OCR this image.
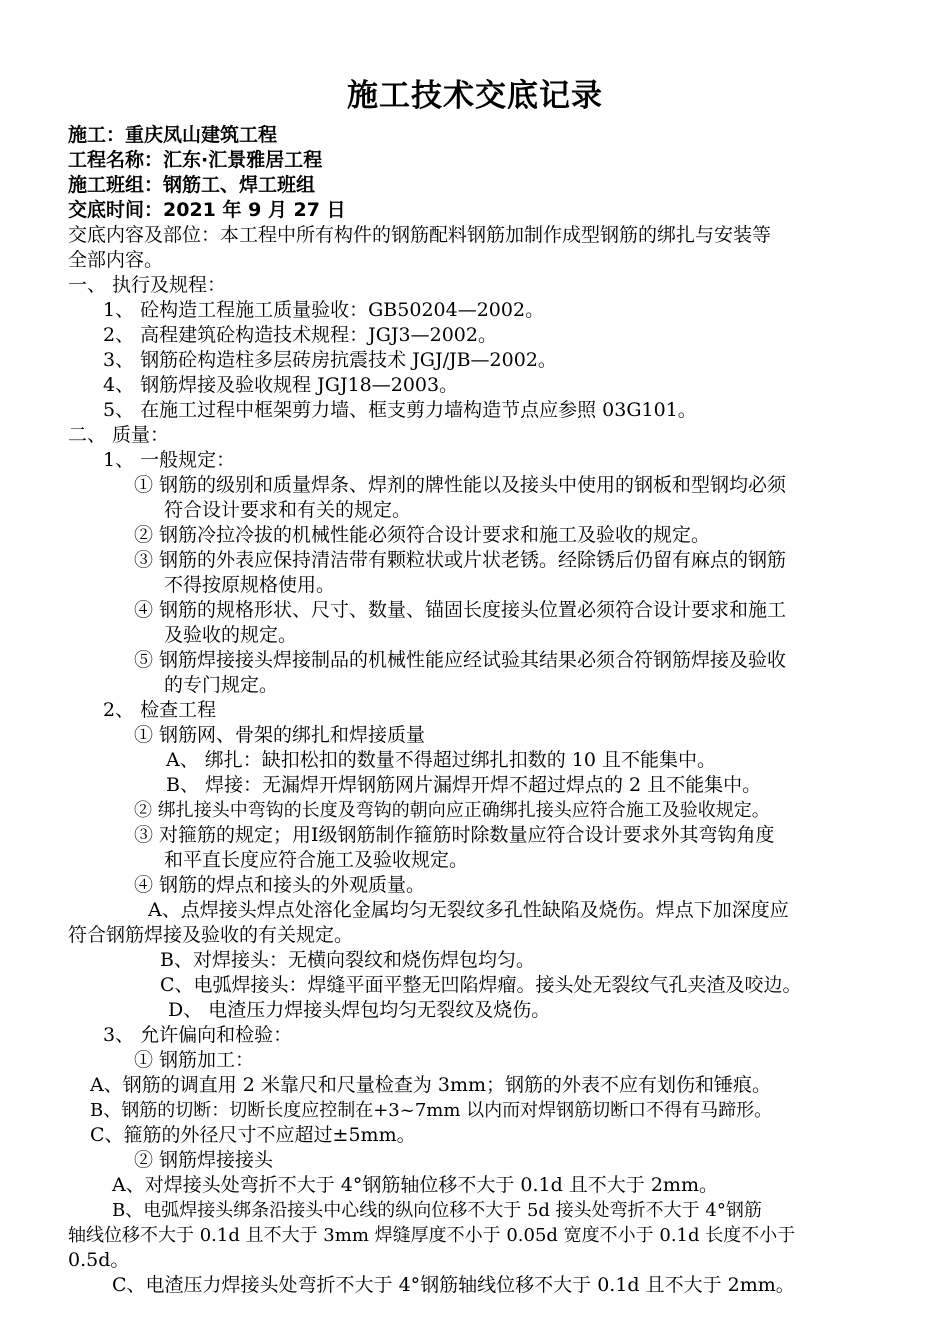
施工技术交底记录
施工：重庆凤山建筑工程
工程名称：汇东·汇景雅居工程
施工班组：钢筋工、焊工班组
交底时间：2021 年 9 月 27 日
交底内容及部位：本工程中所有构件的钢筋配料钢筋加制作成型钢筋的绑扎与安装等
全部内容。
一、 执行及规程：
1、 砼构造工程施工质量验收：GB50204—2002。
2、 高程建筑砼构造技术规程：JGJ3—2002。
3、 钢筋砼构造柱多层砖房抗震技术 JGJ/JB—2002。
4、 钢筋焊接及验收规程 JGJ18—2003。
5、 在施工过程中框架剪力墙、框支剪力墙构造节点应参照 03G101。
二、 质量：
1、 一般规定：
① 钢筋的级别和质量焊条、焊剂的牌性能以及接头中使用的钢板和型钢均必须
符合设计要求和有关的规定。
② 钢筋冷拉冷拔的机械性能必须符合设计要求和施工及验收的规定。
③ 钢筋的外表应保持清洁带有颗粒状或片状老锈。经除锈后仍留有麻点的钢筋
不得按原规格使用。
④ 钢筋的规格形状、尺寸、数量、锚固长度接头位置必须符合设计要求和施工
及验收的规定。
⑤ 钢筋焊接接头焊接制品的机械性能应经试验其结果必须合符钢筋焊接及验收
的专门规定。
2、 检查工程
① 钢筋网、骨架的绑扎和焊接质量
A、 绑扎：缺扣松扣的数量不得超过绑扎扣数的 10 且不能集中。
B、 焊接：无漏焊开焊钢筋网片漏焊开焊不超过焊点的 2 且不能集中。
② 绑扎接头中弯钩的长度及弯钩的朝向应正确绑扎接头应符合施工及验收规定。
③ 对箍筋的规定；用Ⅰ级钢筋制作箍筋时除数量应符合设计要求外其弯钩角度
和平直长度应符合施工及验收规定。
④ 钢筋的焊点和接头的外观质量。
A、点焊接头焊点处溶化金属均匀无裂纹多孔性缺陷及烧伤。焊点下加深度应
符合钢筋焊接及验收的有关规定。
B、对焊接头：无横向裂纹和烧伤焊包均匀。
C、电弧焊接头：焊缝平面平整无凹陷焊瘤。接头处无裂纹气孔夹渣及咬边。
D、 电渣压力焊接头焊包均匀无裂纹及烧伤。
3、 允许偏向和检验：
① 钢筋加工：
A、钢筋的调直用 2 米靠尺和尺量检查为 3mm；钢筋的外表不应有划伤和锤痕。
B、钢筋的切断：切断长度应控制在+3~7mm 以内而对焊钢筋切断口不得有马蹄形。
C、箍筋的外径尺寸不应超过±5mm。
② 钢筋焊接接头
A、对焊接头处弯折不大于 4°钢筋轴位移不大于 0.1d 且不大于 2mm。
B、电弧焊接头绑条沿接头中心线的纵向位移不大于 5d 接头处弯折不大于 4°钢筋
轴线位移不大于 0.1d 且不大于 3mm 焊缝厚度不小于 0.05d 宽度不小于 0.1d 长度不小于
0.5d。
C、电渣压力焊接头处弯折不大于 4°钢筋轴线位移不大于 0.1d 且不大于 2mm。
